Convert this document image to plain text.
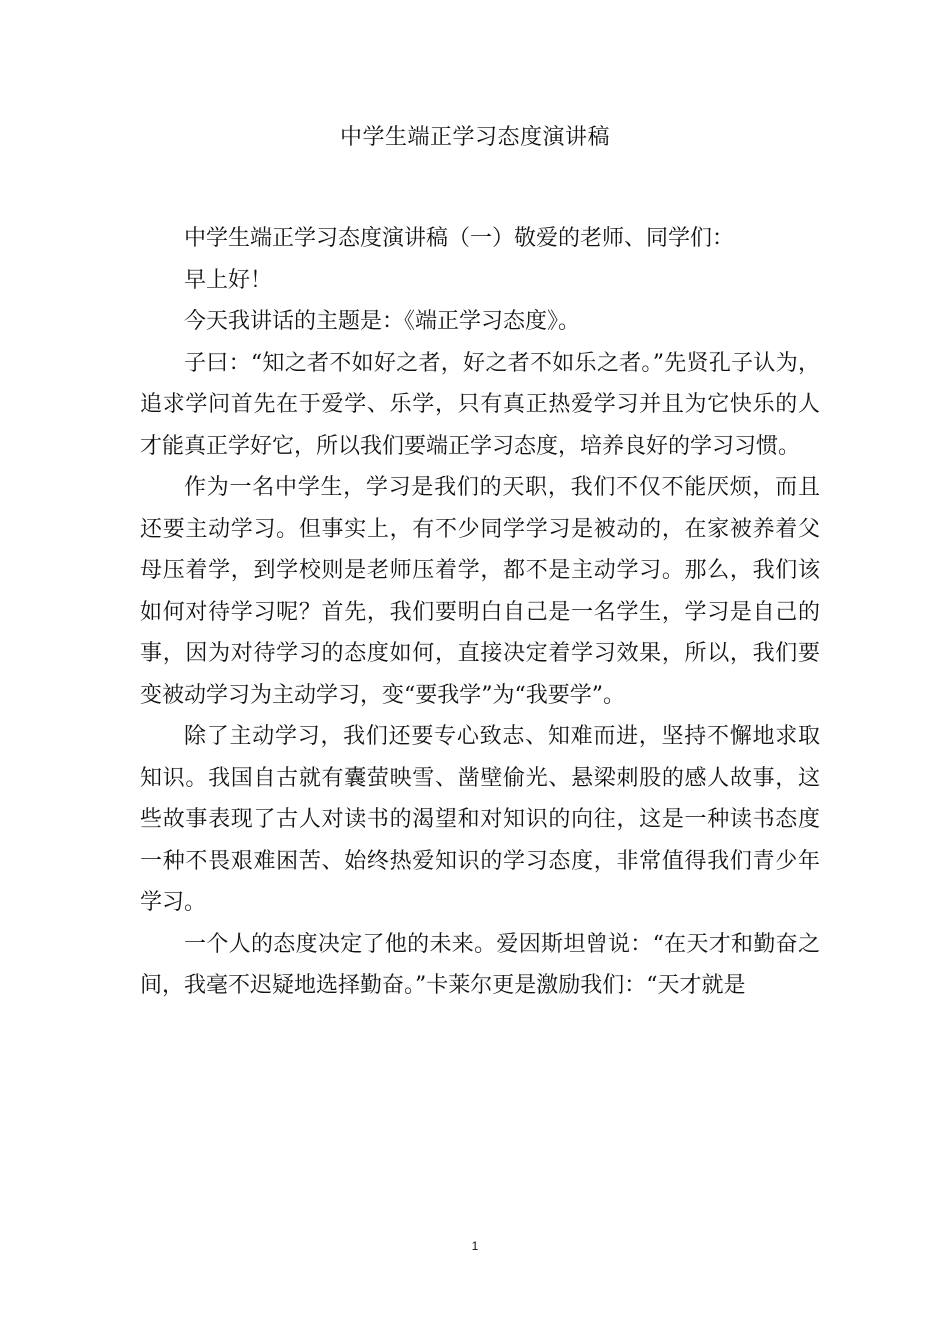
中学生端正学习态度演讲稿

中学生端正学习态度演讲稿（一）敬爱的老师、同学们：

早上好！

今天我讲话的主题是：《端正学习态度》。

子曰：“知之者不如好之者，好之者不如乐之者。”先贤孔子认为，追求学问首先在于爱学、乐学，只有真正热爱学习并且为它快乐的人才能真正学好它，所以我们要端正学习态度，培养良好的学习习惯。

作为一名中学生，学习是我们的天职，我们不仅不能厌烦，而且还要主动学习。但事实上，有不少同学学习是被动的，在家被养着父母压着学，到学校则是老师压着学，都不是主动学习。那么，我们该如何对待学习呢？首先，我们要明白自己是一名学生，学习是自己的事，因为对待学习的态度如何，直接决定着学习效果，所以，我们要变被动学习为主动学习，变“要我学”为“我要学”。

除了主动学习，我们还要专心致志、知难而进，坚持不懈地求取知识。我国自古就有囊萤映雪、凿壁偷光、悬梁刺股的感人故事，这些故事表现了古人对读书的渴望和对知识的向往，这是一种读书态度一种不畏艰难困苦、始终热爱知识的学习态度，非常值得我们青少年学习。

一个人的态度决定了他的未来。爱因斯坦曾说：“在天才和勤奋之间，我毫不迟疑地选择勤奋。”卡莱尔更是激励我们：“天才就是

1
